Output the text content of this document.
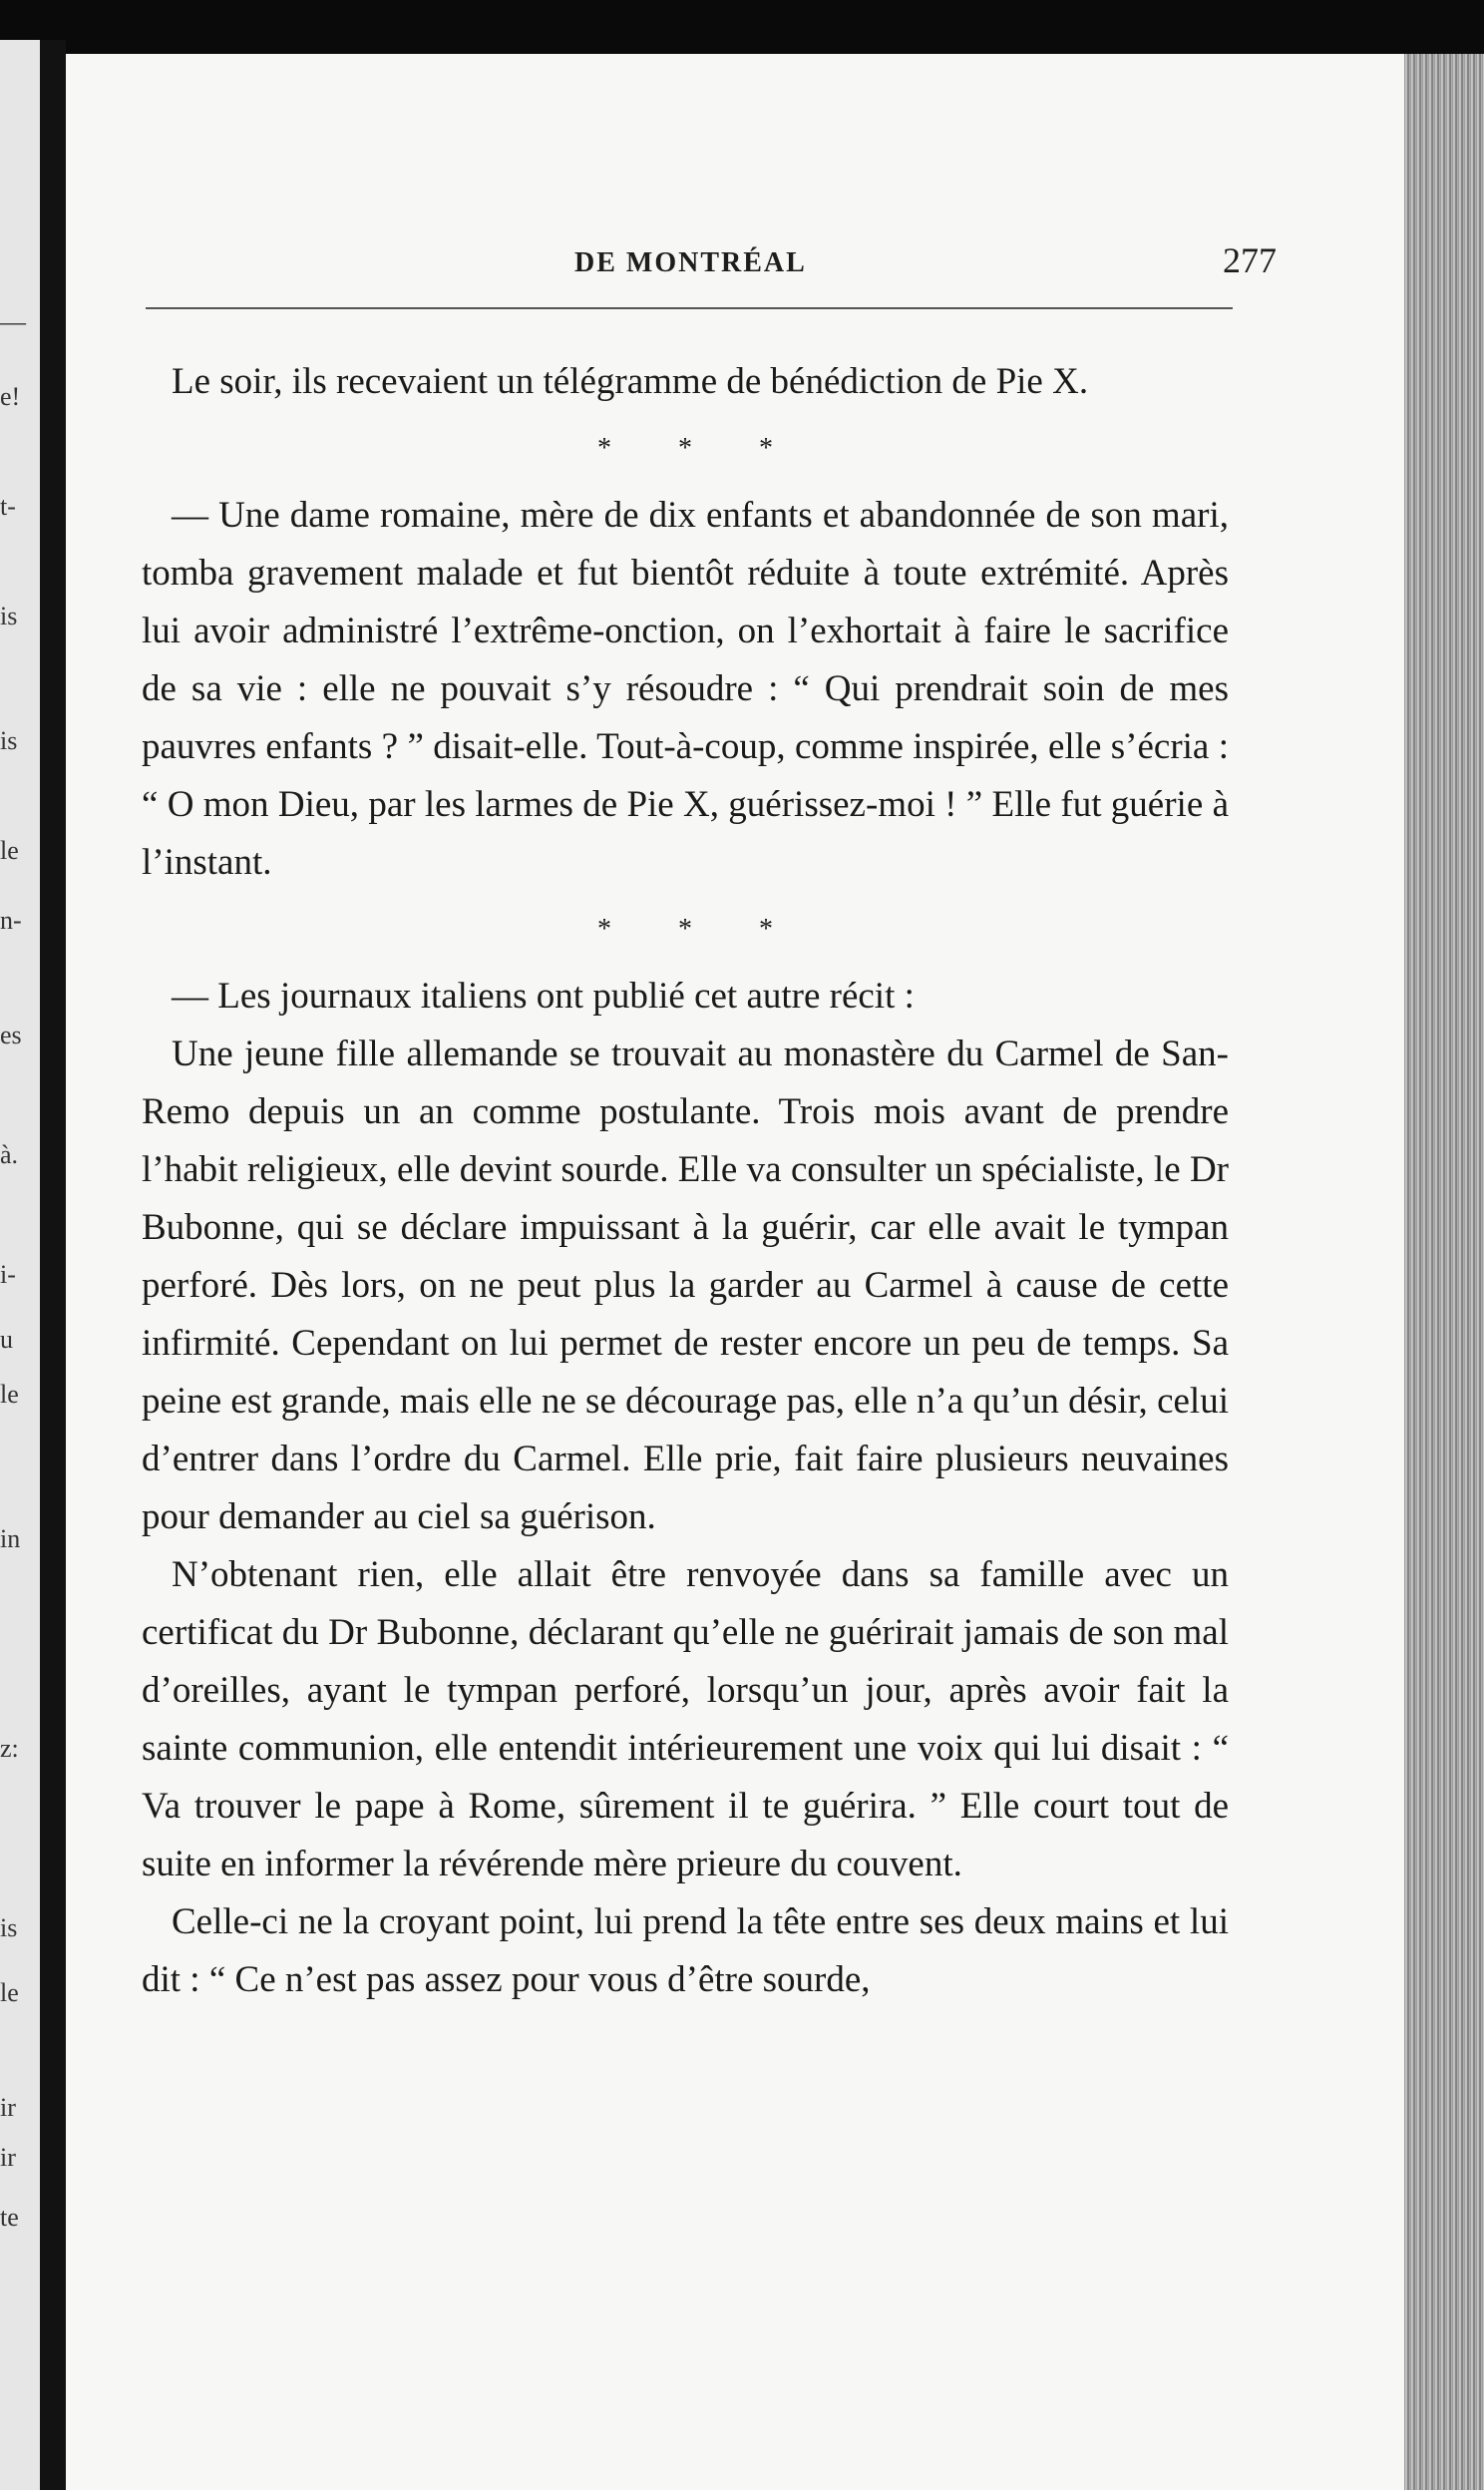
—
e!
t-
is
is
le
n-
es
à.
i-
u
le
in
z:
is
le
ir
ir
te
DE MONTRÉAL	277

Le soir, ils recevaient un télégramme de bénédiction de Pie X.

* * *

— Une dame romaine, mère de dix enfants et abandonnée de son mari, tomba gravement malade et fut bientôt réduite à toute extrémité. Après lui avoir administré l’extrême-onction, on l’exhortait à faire le sacrifice de sa vie : elle ne pouvait s’y résoudre : “ Qui prendrait soin de mes pauvres enfants ? ” disait-elle. Tout-à-coup, comme inspirée, elle s’écria : “ O mon Dieu, par les larmes de Pie X, guérissez-moi ! ” Elle fut guérie à l’instant.

* * *

— Les journaux italiens ont publié cet autre récit :

Une jeune fille allemande se trouvait au monastère du Carmel de San-Remo depuis un an comme postulante. Trois mois avant de prendre l’habit religieux, elle devint sourde. Elle va consulter un spécialiste, le Dr Bubonne, qui se déclare impuissant à la guérir, car elle avait le tympan perforé. Dès lors, on ne peut plus la garder au Carmel à cause de cette infirmité. Cependant on lui permet de rester encore un peu de temps. Sa peine est grande, mais elle ne se décourage pas, elle n’a qu’un désir, celui d’entrer dans l’ordre du Carmel. Elle prie, fait faire plusieurs neuvaines pour demander au ciel sa guérison.

N’obtenant rien, elle allait être renvoyée dans sa famille avec un certificat du Dr Bubonne, déclarant qu’elle ne guérirait jamais de son mal d’oreilles, ayant le tympan perforé, lorsqu’un jour, après avoir fait la sainte communion, elle entendit intérieurement une voix qui lui disait : “ Va trouver le pape à Rome, sûrement il te guérira. ” Elle court tout de suite en informer la révérende mère prieure du couvent.

Celle-ci ne la croyant point, lui prend la tête entre ses deux mains et lui dit : “ Ce n’est pas assez pour vous d’être sourde,
